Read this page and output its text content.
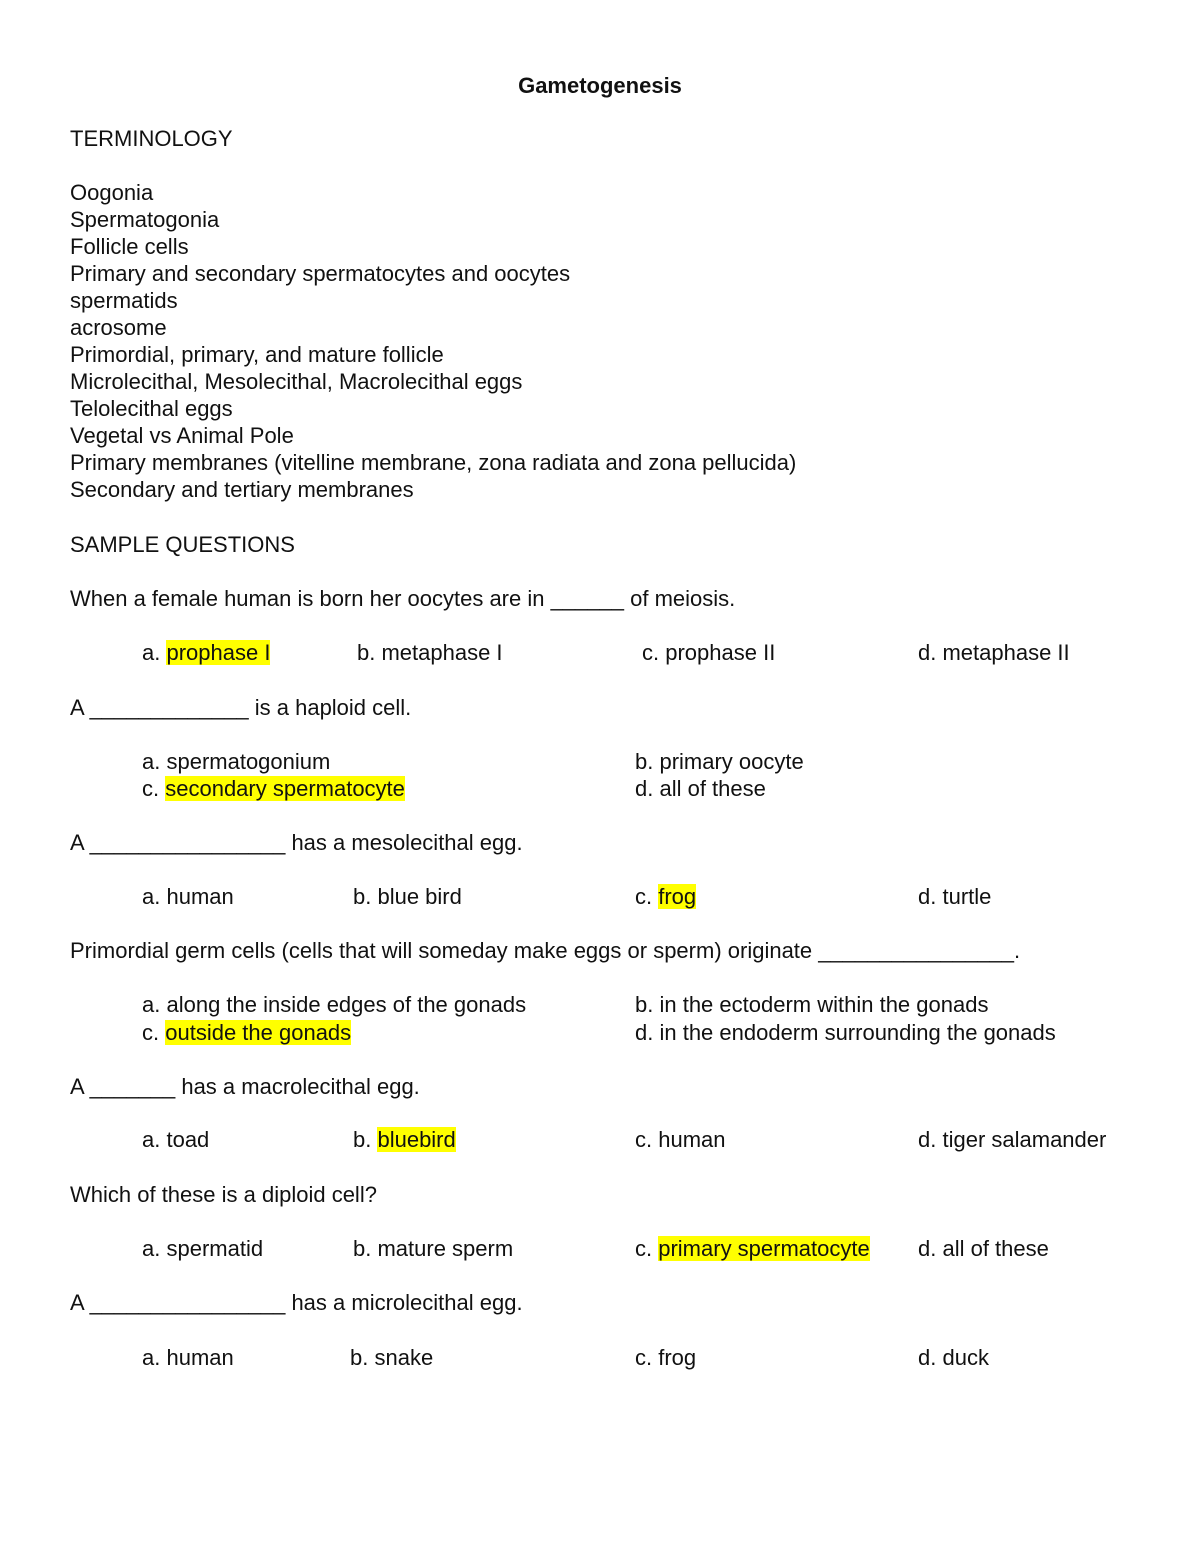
Gametogenesis
TERMINOLOGY
Oogonia
Spermatogonia
Follicle cells
Primary and secondary spermatocytes and oocytes
spermatids
acrosome
Primordial, primary, and mature follicle
Microlecithal, Mesolecithal, Macrolecithal eggs
Telolecithal eggs
Vegetal vs Animal Pole
Primary membranes (vitelline membrane, zona radiata and zona pellucida)
Secondary and tertiary membranes
SAMPLE QUESTIONS
When a female human is born her oocytes are in ______ of meiosis.
a. prophase I	b. metaphase I	c. prophase II	d. metaphase II
A _____________ is a haploid cell.
a. spermatogonium	b. primary oocyte
c. secondary spermatocyte	d. all of these
A ________________ has a mesolecithal egg.
a. human	b. blue bird	c. frog	d. turtle
Primordial germ cells (cells that will someday make eggs or sperm) originate ________________.
a. along the inside edges of the gonads	b. in the ectoderm within the gonads
c. outside the gonads	d. in the endoderm surrounding the gonads
A _______ has a macrolecithal egg.
a. toad	b. bluebird	c. human	d. tiger salamander
Which of these is a diploid cell?
a. spermatid	b. mature sperm	c. primary spermatocyte d. all of these
A ________________ has a microlecithal egg.
a. human	b. snake	c. frog	d. duck
